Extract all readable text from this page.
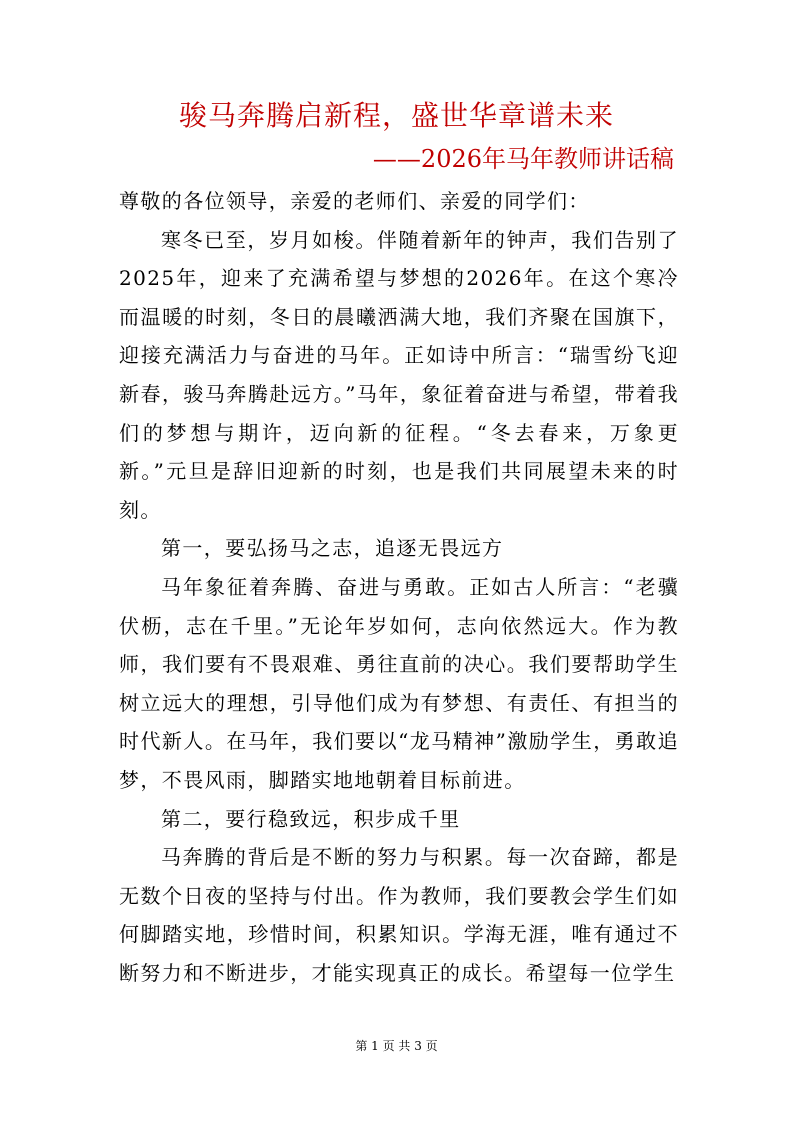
骏马奔腾启新程，盛世华章谱未来
——2026年马年教师讲话稿

尊敬的各位领导，亲爱的老师们、亲爱的同学们：

寒冬已至，岁月如梭。伴随着新年的钟声，我们告别了2025年，迎来了充满希望与梦想的2026年。在这个寒冷而温暖的时刻，冬日的晨曦洒满大地，我们齐聚在国旗下，迎接充满活力与奋进的马年。正如诗中所言：“瑞雪纷飞迎新春，骏马奔腾赴远方。”马年，象征着奋进与希望，带着我们的梦想与期许，迈向新的征程。“冬去春来，万象更新。”元旦是辞旧迎新的时刻，也是我们共同展望未来的时刻。

第一，要弘扬马之志，追逐无畏远方

马年象征着奔腾、奋进与勇敢。正如古人所言：“老骥伏枥，志在千里。”无论年岁如何，志向依然远大。作为教师，我们要有不畏艰难、勇往直前的决心。我们要帮助学生树立远大的理想，引导他们成为有梦想、有责任、有担当的时代新人。在马年，我们要以“龙马精神”激励学生，勇敢追梦，不畏风雨，脚踏实地地朝着目标前进。

第二，要行稳致远，积步成千里

马奔腾的背后是不断的努力与积累。每一次奋蹄，都是无数个日夜的坚持与付出。作为教师，我们要教会学生们如何脚踏实地，珍惜时间，积累知识。学海无涯，唯有通过不断努力和不断进步，才能实现真正的成长。希望每一位学生

第 1 页 共 3 页
